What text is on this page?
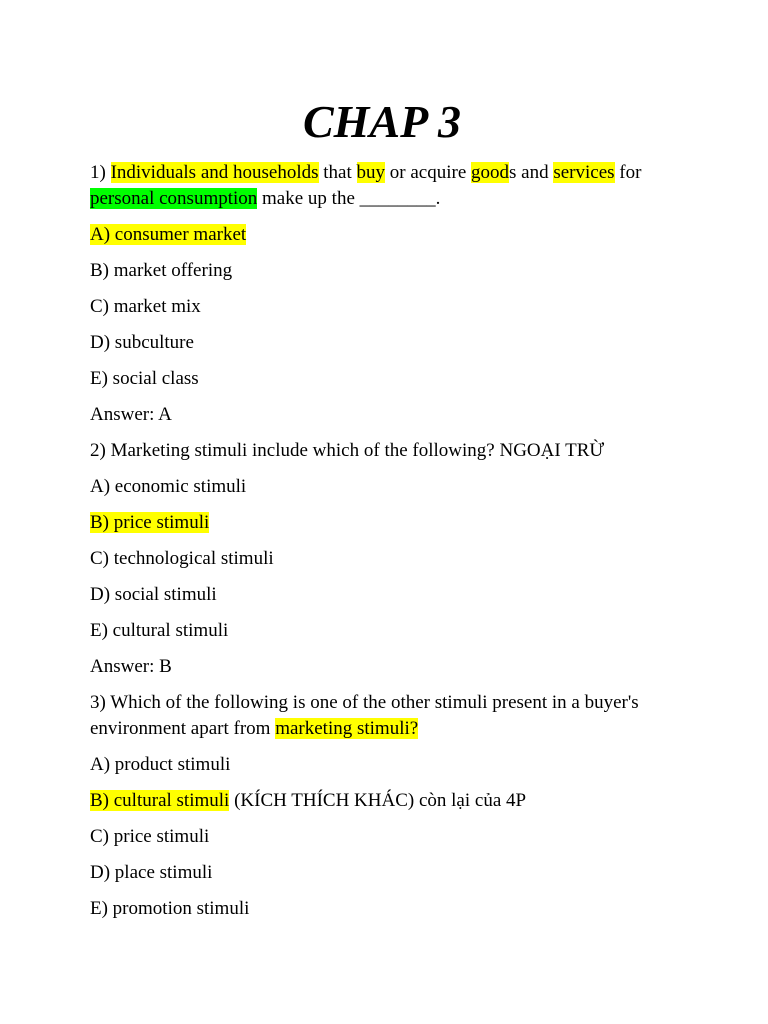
CHAP 3
1) Individuals and households that buy or acquire goods and services for
personal consumption make up the ________.
A) consumer market
B) market offering
C) market mix
D) subculture
E) social class
Answer: A
2) Marketing stimuli include which of the following? NGOẠI TRỪ
A) economic stimuli
B) price stimuli
C) technological stimuli
D) social stimuli
E) cultural stimuli
Answer: B
3) Which of the following is one of the other stimuli present in a buyer's
environment apart from marketing stimuli?
A) product stimuli
B) cultural stimuli (KÍCH THÍCH KHÁC) còn lại của 4P
C) price stimuli
D) place stimuli
E) promotion stimuli
